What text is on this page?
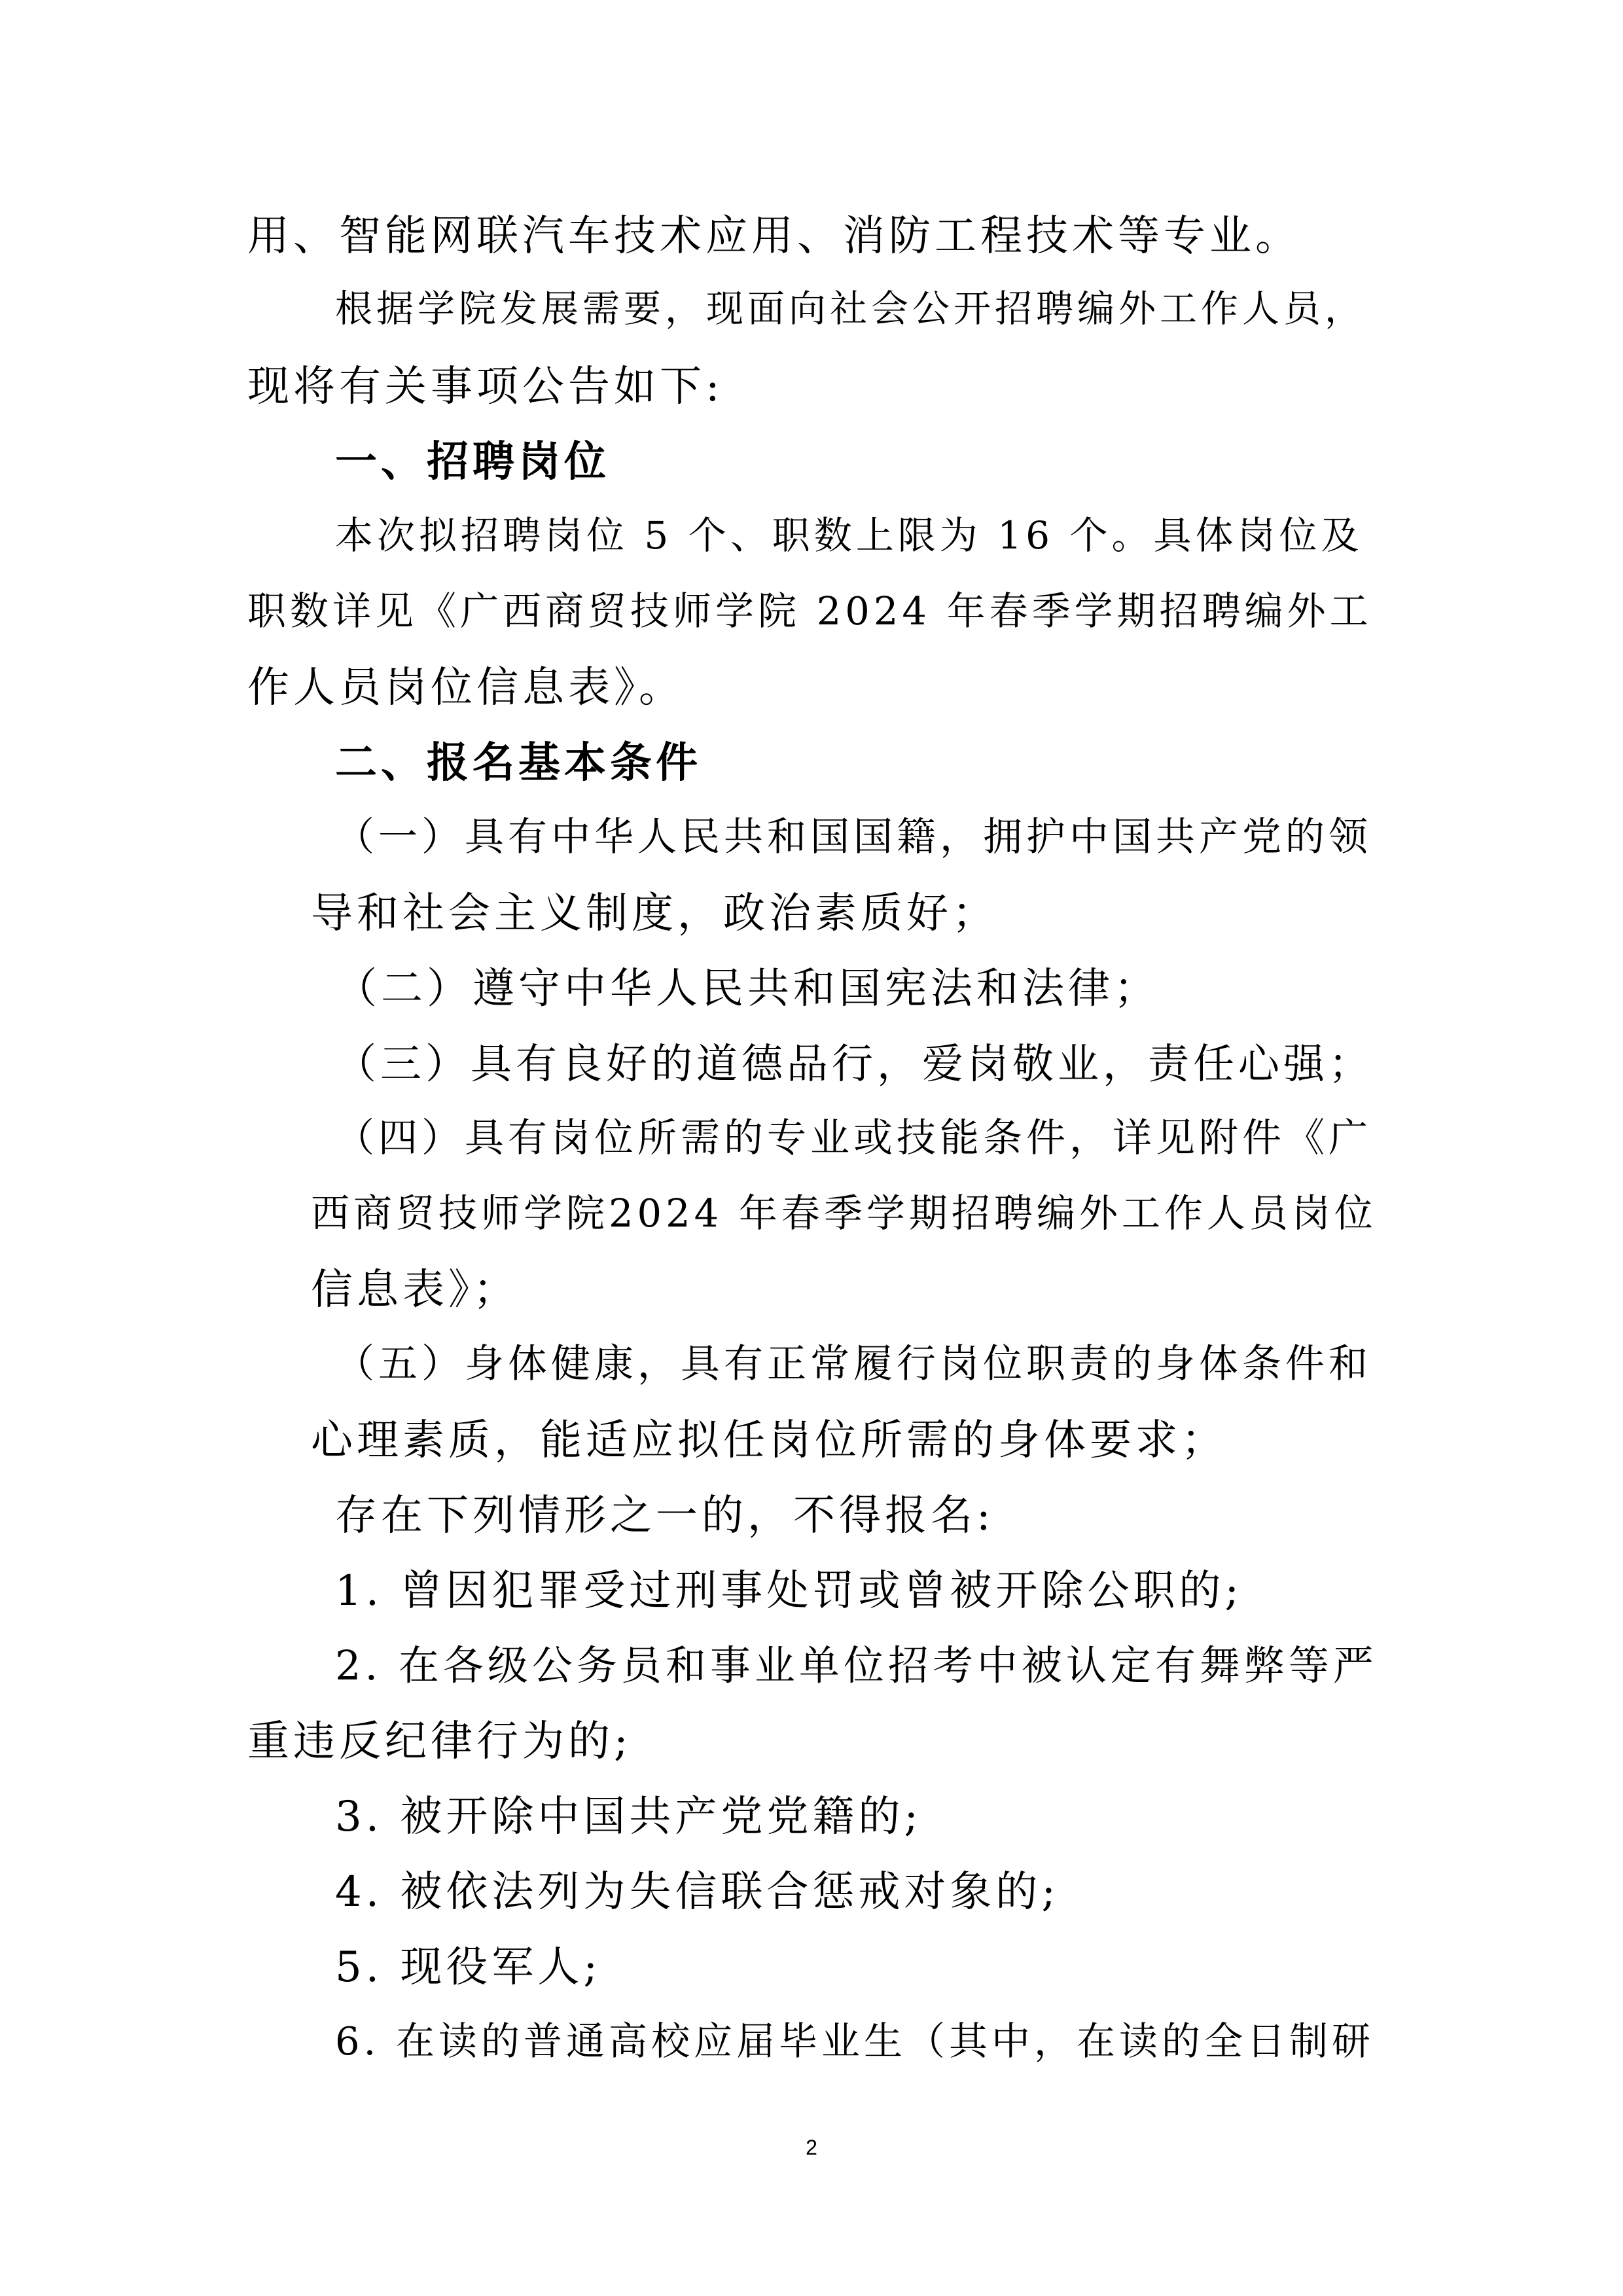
用、智能网联汽车技术应用、消防工程技术等专业。
根据学院发展需要，现面向社会公开招聘编外工作人员，
现将有关事项公告如下:
一、招聘岗位
本次拟招聘岗位 5 个、职数上限为 16 个。具体岗位及
职数详见《广西商贸技师学院 2024 年春季学期招聘编外工
作人员岗位信息表》。
二、报名基本条件
（一）具有中华人民共和国国籍，拥护中国共产党的领
导和社会主义制度，政治素质好；
（二）遵守中华人民共和国宪法和法律；
（三）具有良好的道德品行，爱岗敬业，责任心强；
（四）具有岗位所需的专业或技能条件，详见附件《广
西商贸技师学院2024 年春季学期招聘编外工作人员岗位
信息表》；
（五）身体健康，具有正常履行岗位职责的身体条件和
心理素质，能适应拟任岗位所需的身体要求；
存在下列情形之一的，不得报名:
1. 曾因犯罪受过刑事处罚或曾被开除公职的;
2. 在各级公务员和事业单位招考中被认定有舞弊等严
重违反纪律行为的;
3. 被开除中国共产党党籍的;
4. 被依法列为失信联合惩戒对象的;
5. 现役军人;
6. 在读的普通高校应届毕业生（其中，在读的全日制研
2
